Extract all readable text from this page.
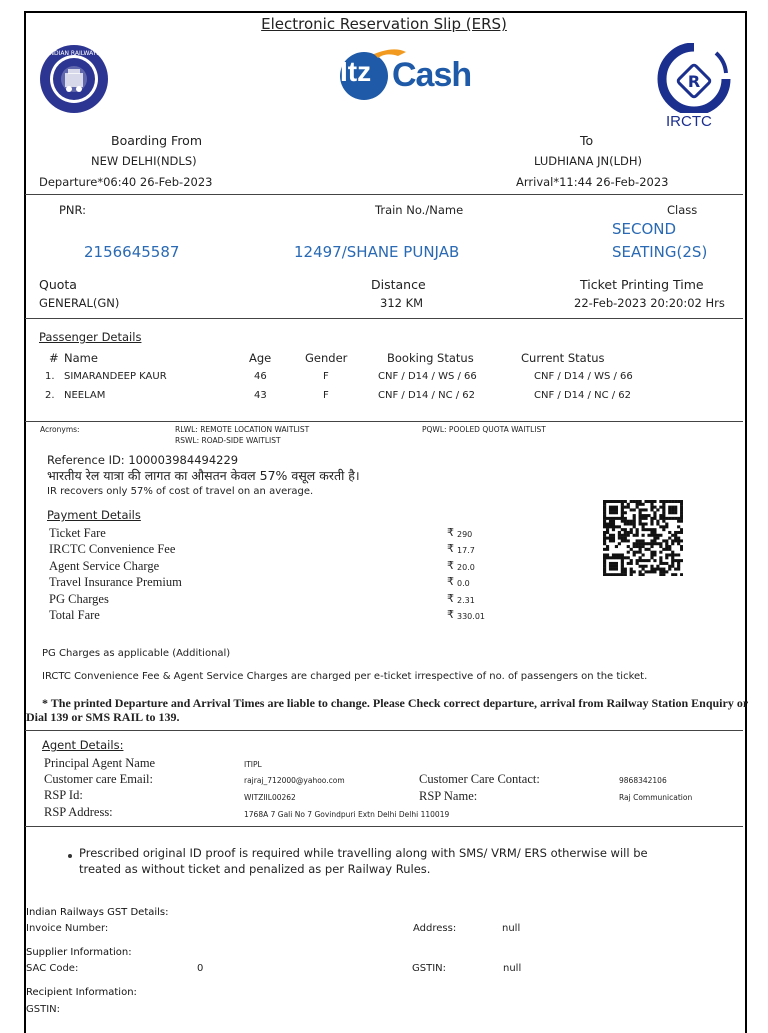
Electronic Reservation Slip (ERS)
INDIAN RAILWAYS
Itz Cash	R
IRCTC
Boarding From
NEW DELHI(NDLS)
Departure*06:40 26-Feb-2023
To
LUDHIANA JN(LDH)
Arrival*11:44 26-Feb-2023
PNR:	Train No./Name	Class
2156645587	12497/SHANE PUNJAB
SECOND
SEATING(2S)
Quota
GENERAL(GN)
Distance
312 KM
Ticket Printing Time
22-Feb-2023 20:20:02 Hrs
Passenger Details
# Name	Age	Gender	Booking Status	Current Status
1. SIMARANDEEP KAUR	46	F	CNF / D14 / WS / 66	CNF / D14 / WS / 66
2. NEELAM	43	F	CNF / D14 / NC / 62	CNF / D14 / NC / 62
Acronyms:	RLWL: REMOTE LOCATION WAITLIST
RSWL: ROAD-SIDE WAITLIST
PQWL: POOLED QUOTA WAITLIST
Reference ID: 100003984494229
भारतीय रेल यात्रा की लागत का औसतन केवल 57% वसूल करती है।
IR recovers only 57% of cost of travel on an average.
Payment Details
Ticket Fare	₹ 290
IRCTC Convenience Fee	₹ 17.7
Agent Service Charge	₹ 20.0
Travel Insurance Premium	₹ 0.0
PG Charges	₹ 2.31
Total Fare	₹ 330.01
PG Charges as applicable (Additional)
IRCTC Convenience Fee & Agent Service Charges are charged per e-ticket irrespective of no. of passengers on the ticket.
* The printed Departure and Arrival Times are liable to change. Please Check correct departure, arrival from Railway Station Enquiry or Dial 139 or SMS RAIL to 139.
Agent Details:
Principal Agent Name	ITIPL
Customer care Email:	rajraj_712000@yahoo.com	Customer Care Contact:	9868342106
RSP Id:	WITZIIL00262	RSP Name:	Raj Communication
RSP Address:	1768A 7 Gali No 7 Govindpuri Extn Delhi Delhi 110019
Prescribed original ID proof is required while travelling along with SMS/ VRM/ ERS otherwise will be
treated as without ticket and penalized as per Railway Rules.
Indian Railways GST Details:
Invoice Number:	Address:	null
Supplier Information:
SAC Code:	0	GSTIN:	null
Recipient Information:
GSTIN:
